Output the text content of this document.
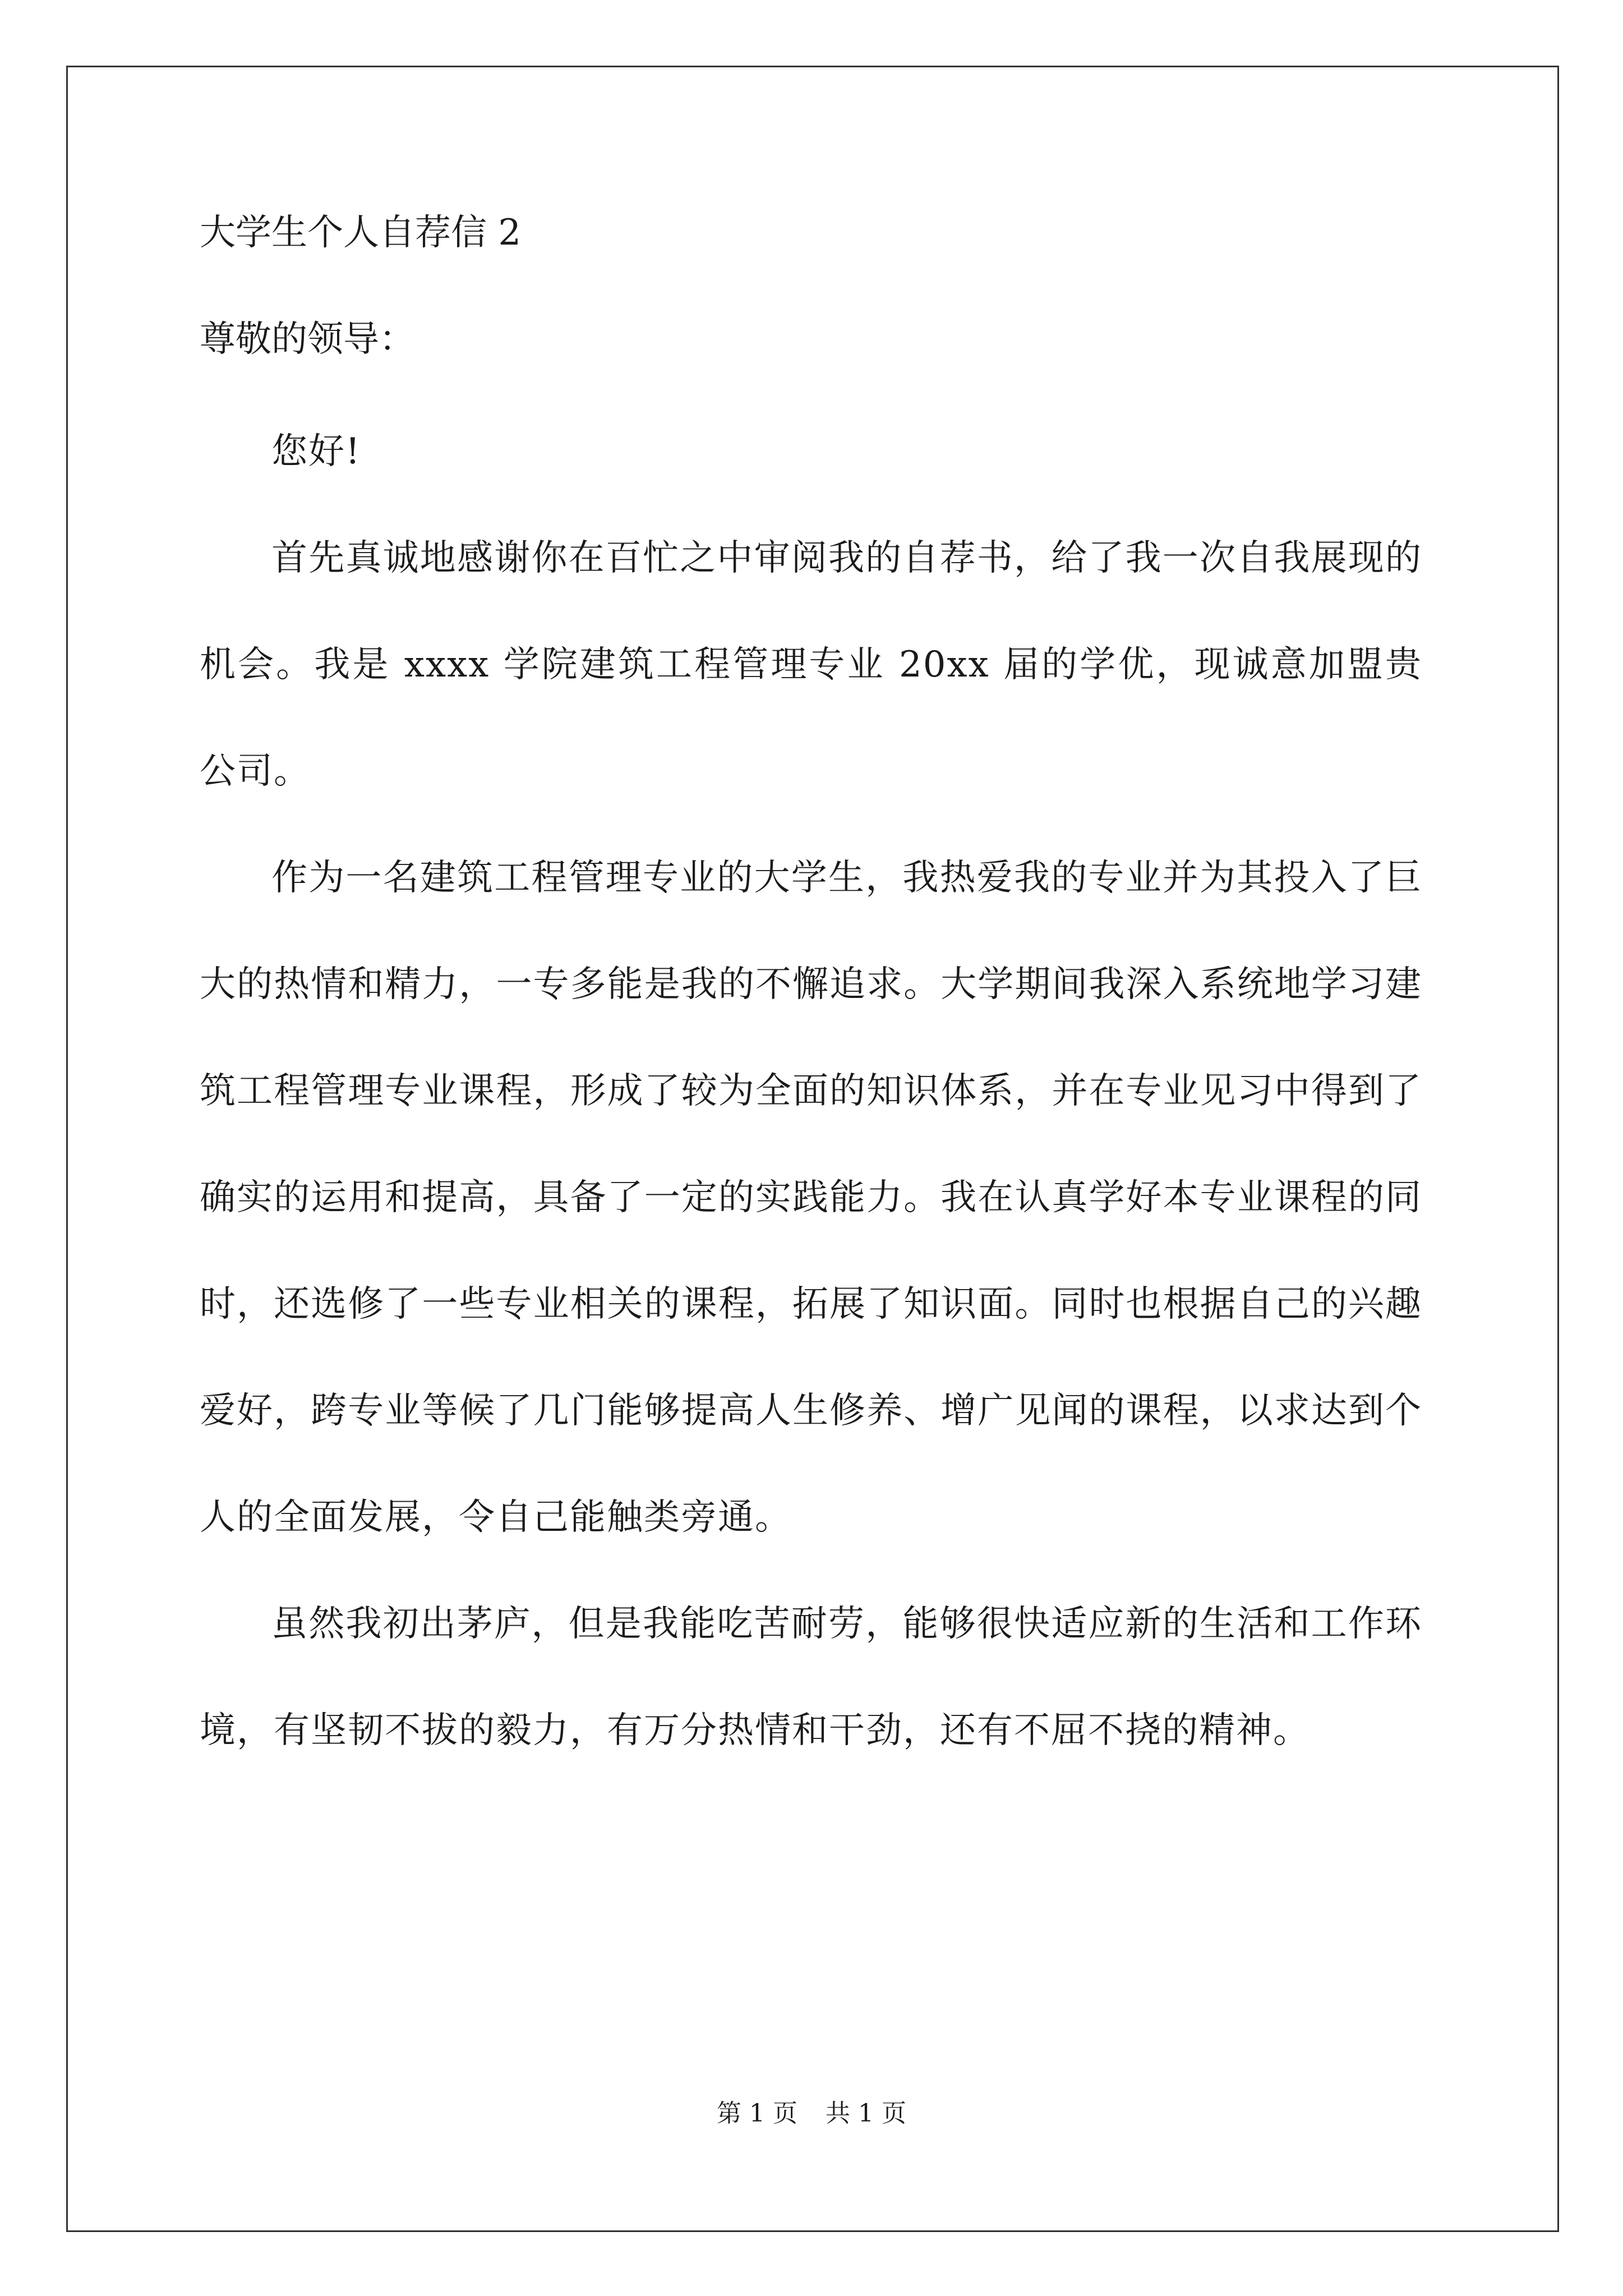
大学生个人自荐信 2

尊敬的领导：

您好!

首先真诚地感谢你在百忙之中审阅我的自荐书，给了我一次自我展现的机会。我是 xxxx 学院建筑工程管理专业 20xx 届的学优，现诚意加盟贵公司。

作为一名建筑工程管理专业的大学生，我热爱我的专业并为其投入了巨大的热情和精力，一专多能是我的不懈追求。大学期间我深入系统地学习建筑工程管理专业课程，形成了较为全面的知识体系，并在专业见习中得到了确实的运用和提高，具备了一定的实践能力。我在认真学好本专业课程的同时，还选修了一些专业相关的课程，拓展了知识面。同时也根据自己的兴趣爱好，跨专业等候了几门能够提高人生修养、增广见闻的课程，以求达到个人的全面发展，令自己能触类旁通。

虽然我初出茅庐，但是我能吃苦耐劳，能够很快适应新的生活和工作环境，有坚韧不拔的毅力，有万分热情和干劲，还有不屈不挠的精神。

第 1 页 共 1 页
